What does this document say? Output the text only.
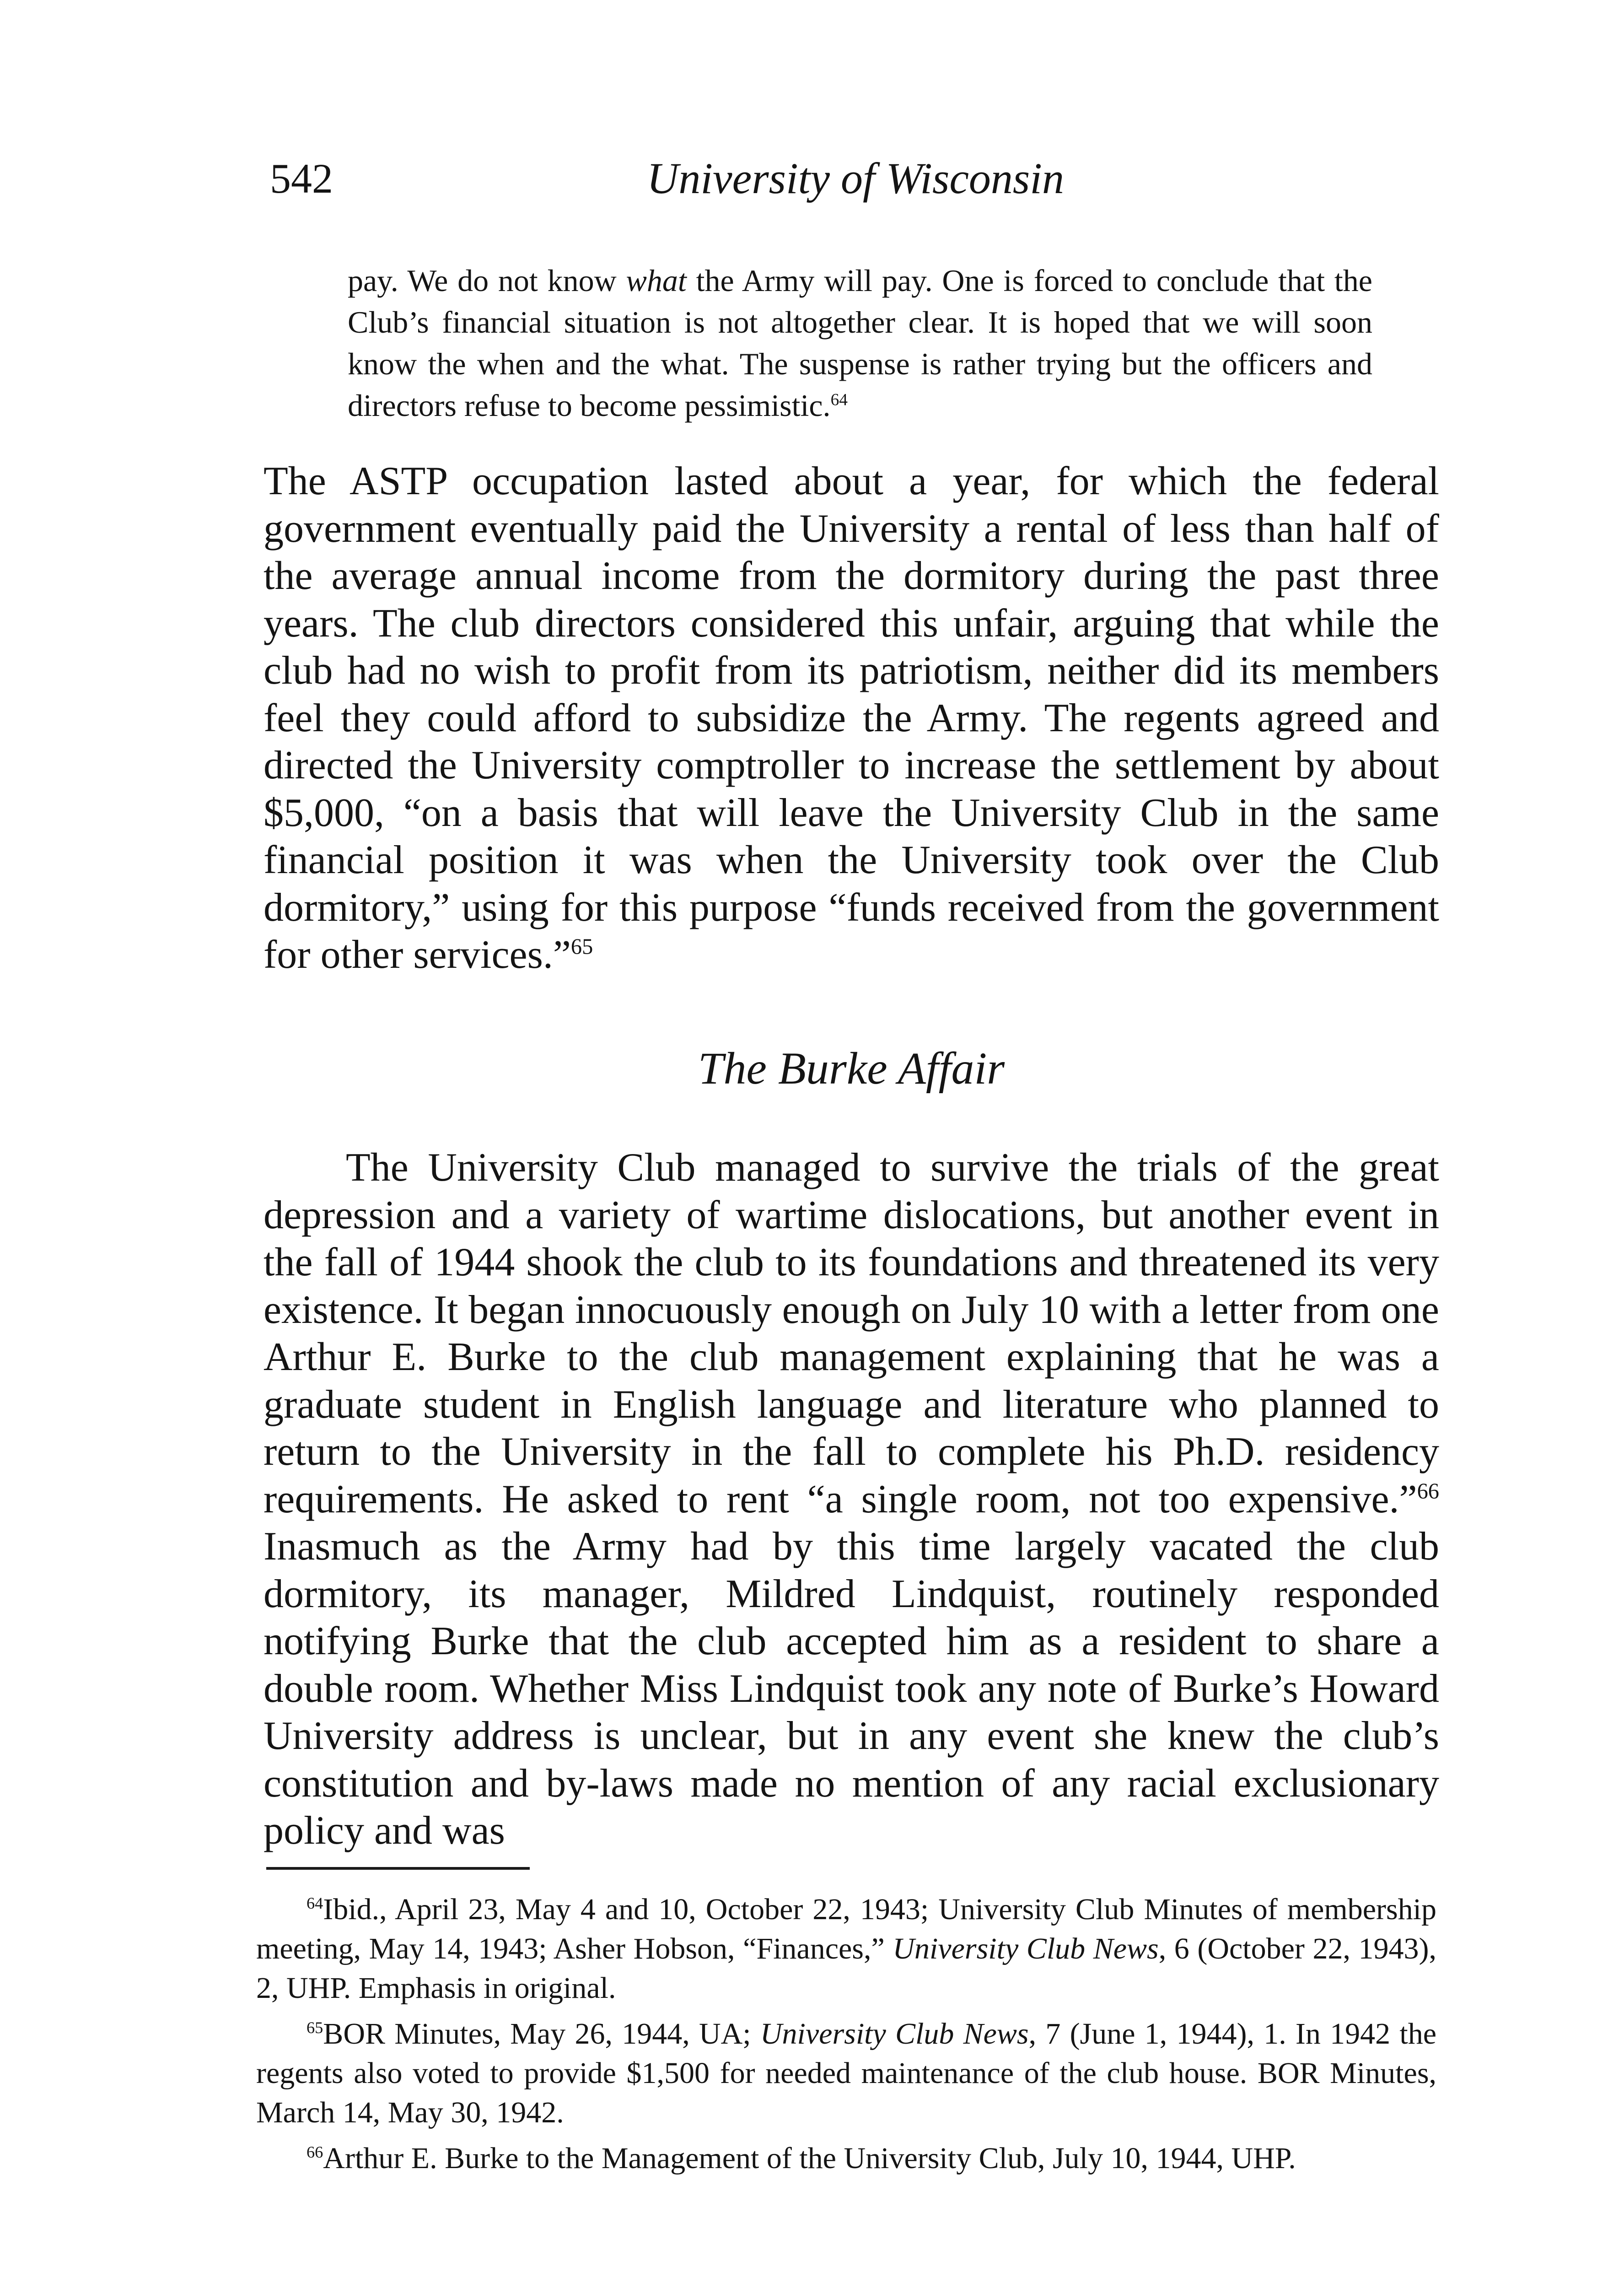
542	University of Wisconsin
pay. We do not know what the Army will pay. One is forced to conclude that the Club’s financial situation is not altogether clear. It is hoped that we will soon know the when and the what. The suspense is rather trying but the officers and directors refuse to become pessimistic.$^{64}$
The ASTP occupation lasted about a year, for which the federal government eventually paid the University a rental of less than half of the average annual income from the dormitory during the past three years. The club directors considered this unfair, arguing that while the club had no wish to profit from its patriotism, neither did its members feel they could afford to subsidize the Army. The regents agreed and directed the University comptroller to increase the settlement by about $5,000, “on a basis that will leave the University Club in the same financial position it was when the University took over the Club dormitory,” using for this purpose “funds received from the government for other services.”$^{65}$
The Burke Affair
The University Club managed to survive the trials of the great depression and a variety of wartime dislocations, but another event in the fall of 1944 shook the club to its foundations and threatened its very existence. It began innocuously enough on July 10 with a letter from one Arthur E. Burke to the club management explaining that he was a graduate student in English language and literature who planned to return to the University in the fall to complete his Ph.D. residency requirements. He asked to rent “a single room, not too expensive.”$^{66}$ Inasmuch as the Army had by this time largely vacated the club dormitory, its manager, Mildred Lindquist, routinely responded notifying Burke that the club accepted him as a resident to share a double room. Whether Miss Lindquist took any note of Burke’s Howard University address is unclear, but in any event she knew the club’s constitution and by-laws made no mention of any racial exclusionary policy and was

$^{64}$Ibid., April 23, May 4 and 10, October 22, 1943; University Club Minutes of membership meeting, May 14, 1943; Asher Hobson, “Finances,” University Club News, 6 (October 22, 1943), 2, UHP. Emphasis in original.

$^{65}$BOR Minutes, May 26, 1944, UA; University Club News, 7 (June 1, 1944), 1. In 1942 the regents also voted to provide $1,500 for needed maintenance of the club house. BOR Minutes, March 14, May 30, 1942.

$^{66}$Arthur E. Burke to the Management of the University Club, July 10, 1944, UHP.
